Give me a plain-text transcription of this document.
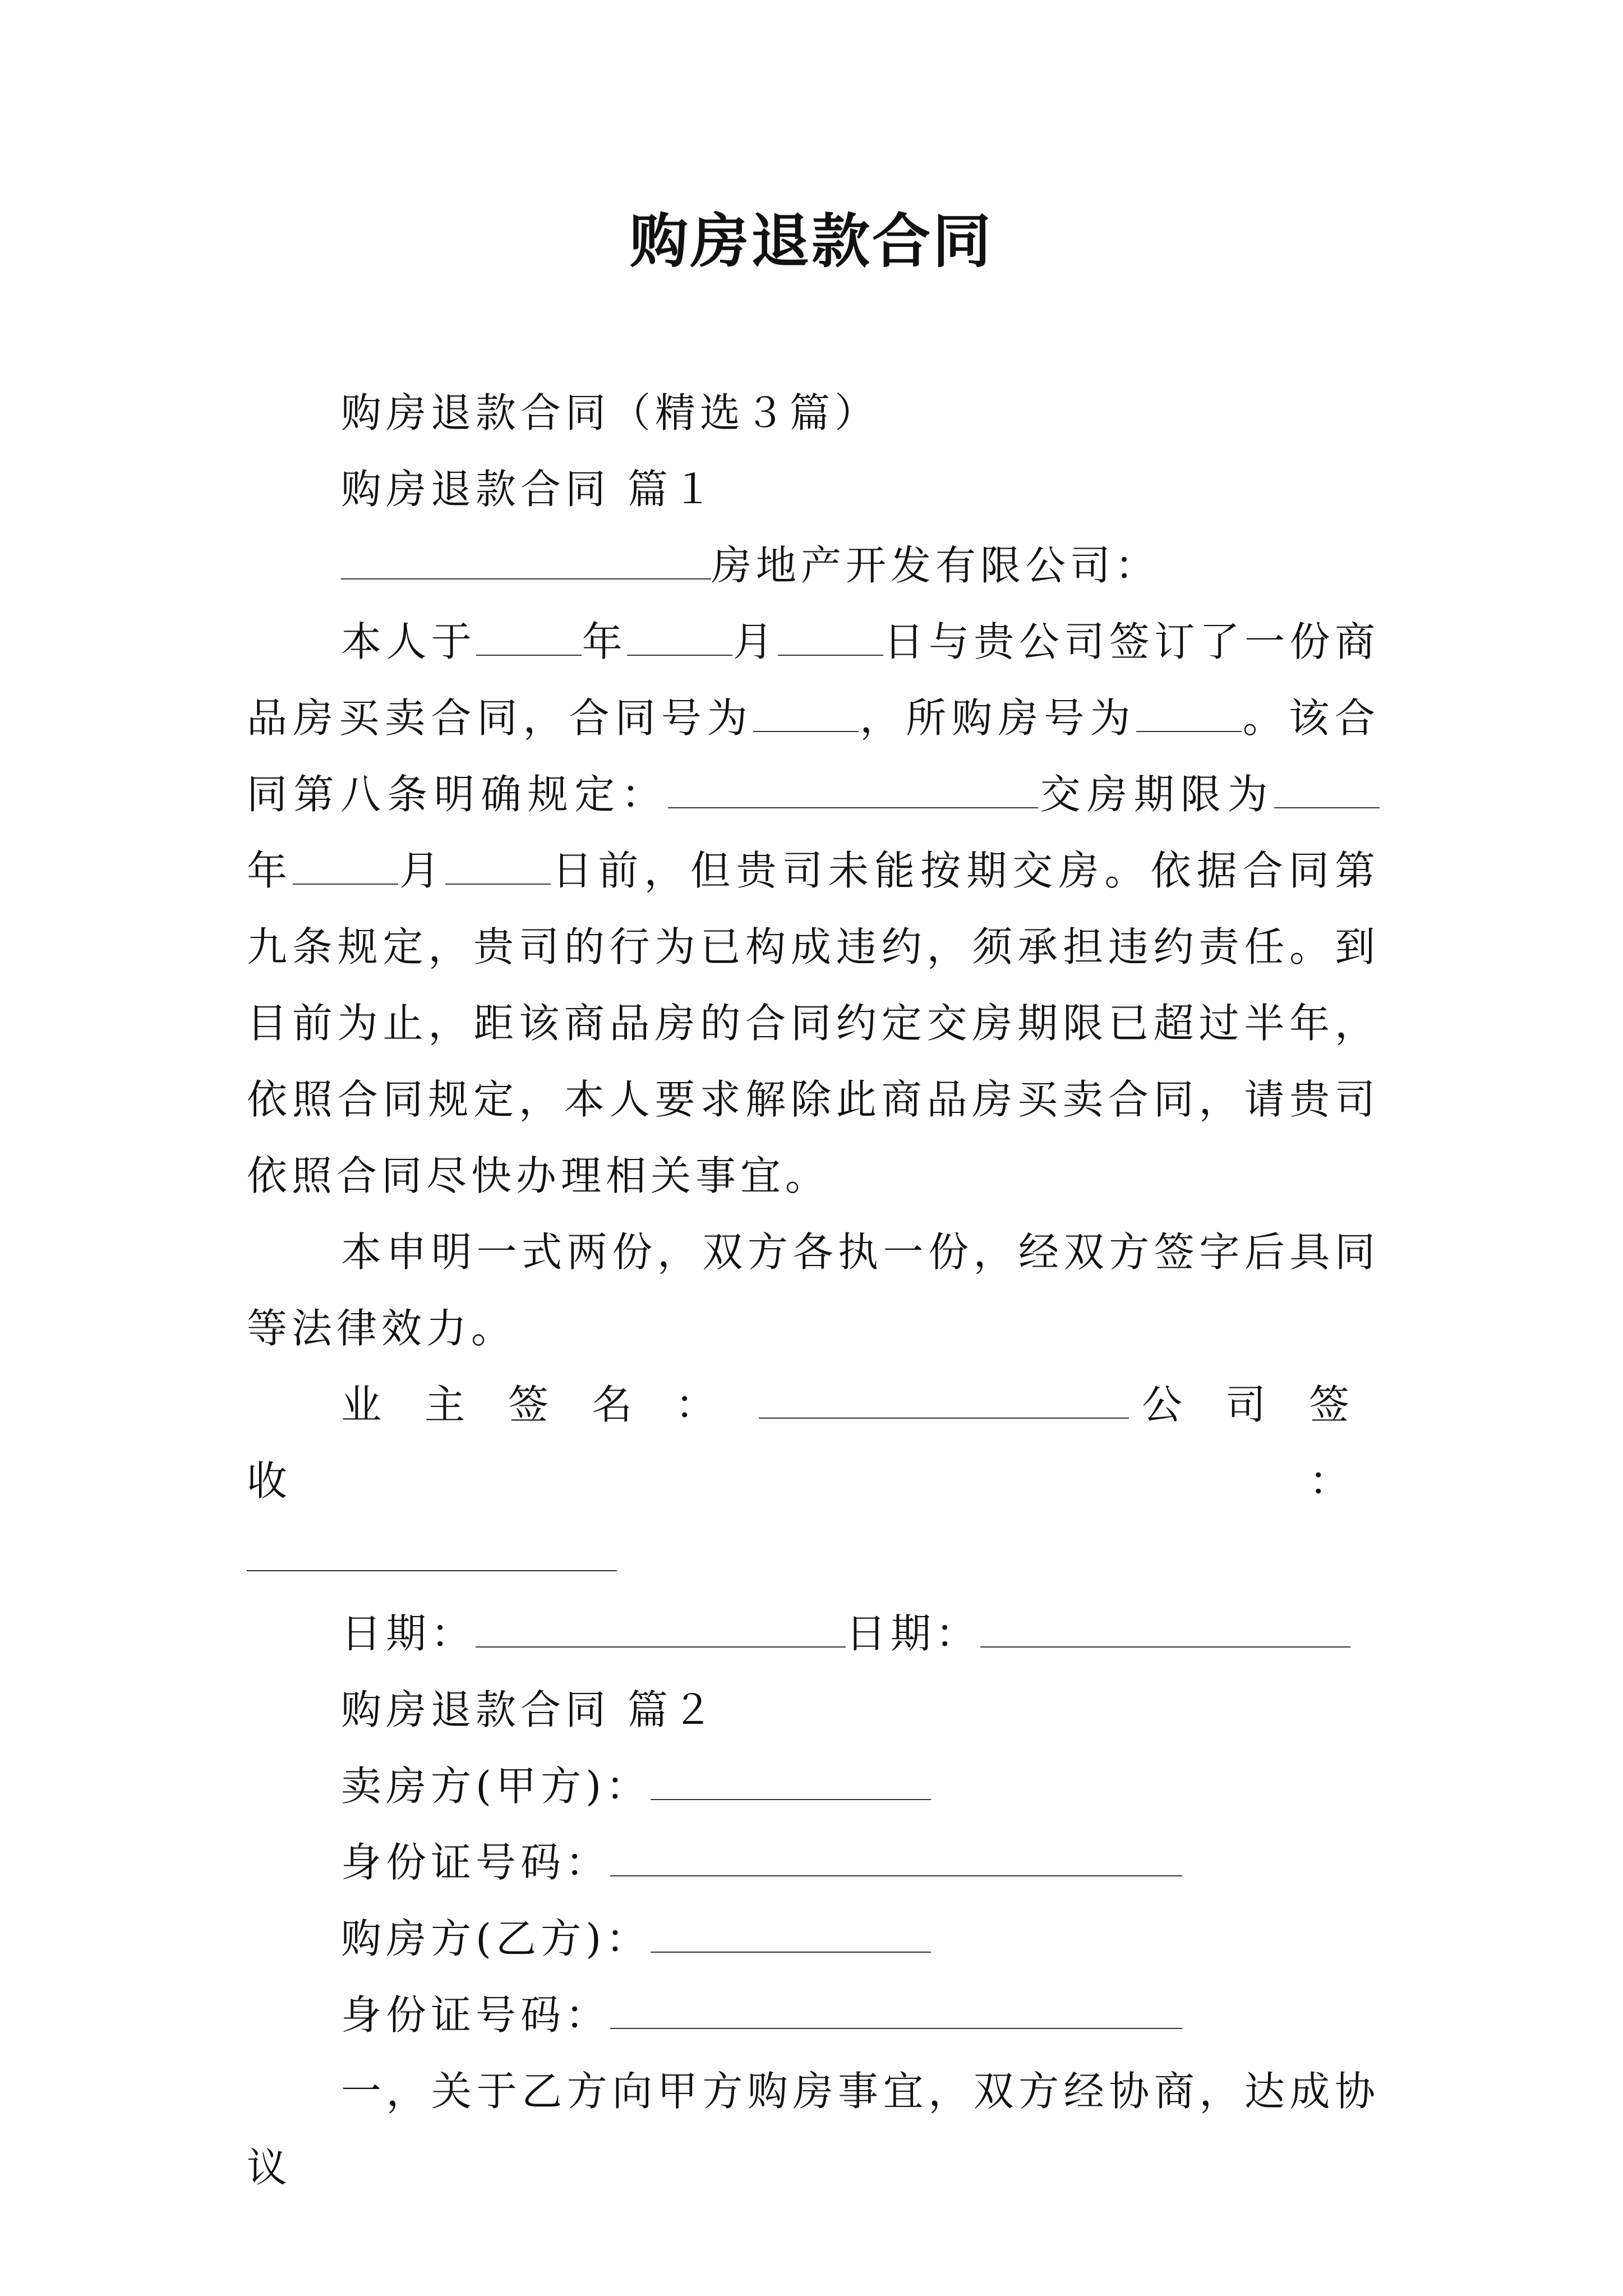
购房退款合同

购房退款合同（精选３篇）

购房退款合同 篇１

房地产开发有限公司：

本人于	年	月	日与贵公司签订了一份商品房买卖合同，合同号为	，所购房号为	。该合同第八条明确规定：	交房期限为年	月	日前，但贵司未能按期交房。依据合同第九条规定，贵司的行为已构成违约，须承担违约责任。到目前为止，距该商品房的合同约定交房期限已超过半年，依照合同规定，本人要求解除此商品房买卖合同，请贵司依照合同尽快办理相关事宜。

本申明一式两份，双方各执一份，经双方签字后具同等法律效力。

业主签名：	公司签收：

日期：	日期：

购房退款合同 篇２

卖房方(甲方)：

身份证号码：

购房方(乙方)：

身份证号码：

一，关于乙方向甲方购房事宜，双方经协商，达成协议
